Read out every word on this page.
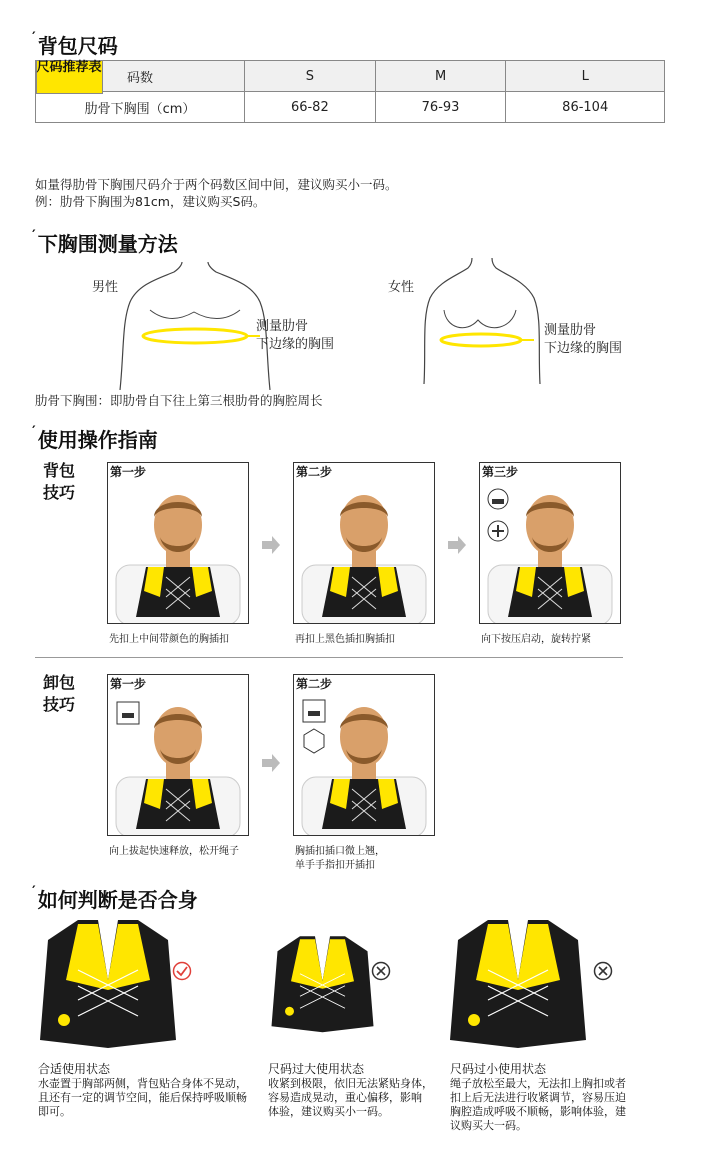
′ 背包尺码
尺码推荐表

码数	S	M	L
肋骨下胸围（cm）	66-82	76-93	86-104
如量得肋骨下胸围尺码介于两个码数区间中间，建议购买小一码。
例：肋骨下胸围为81cm，建议购买S码。
′ 下胸围测量方法
男性
测量肋骨
下边缘的胸围
女性
测量肋骨
下边缘的胸围
肋骨下胸围：即肋骨自下往上第三根肋骨的胸腔周长
′ 使用操作指南
背包
技巧
第一步	第二步	第三步
先扣上中间带颜色的胸插扣	再扣上黑色插扣胸插扣	向下按压启动，旋转拧紧
卸包
技巧
第一步	第二步
向上拔起快速释放，松开绳子	胸插扣插口微上翘，
单手手指扣开插扣
′ 如何判断是否合身
合适使用状态
水壶置于胸部两侧，背包贴合身体不晃动，
且还有一定的调节空间，能后保持呼吸顺畅
即可。
尺码过大使用状态
收紧到极限，依旧无法紧贴身体，
容易造成晃动，重心偏移，影响
体验，建议购买小一码。
尺码过小使用状态
绳子放松至最大，无法扣上胸扣或者
扣上后无法进行收紧调节，容易压迫
胸腔造成呼吸不顺畅，影响体验，建
议购买大一码。
